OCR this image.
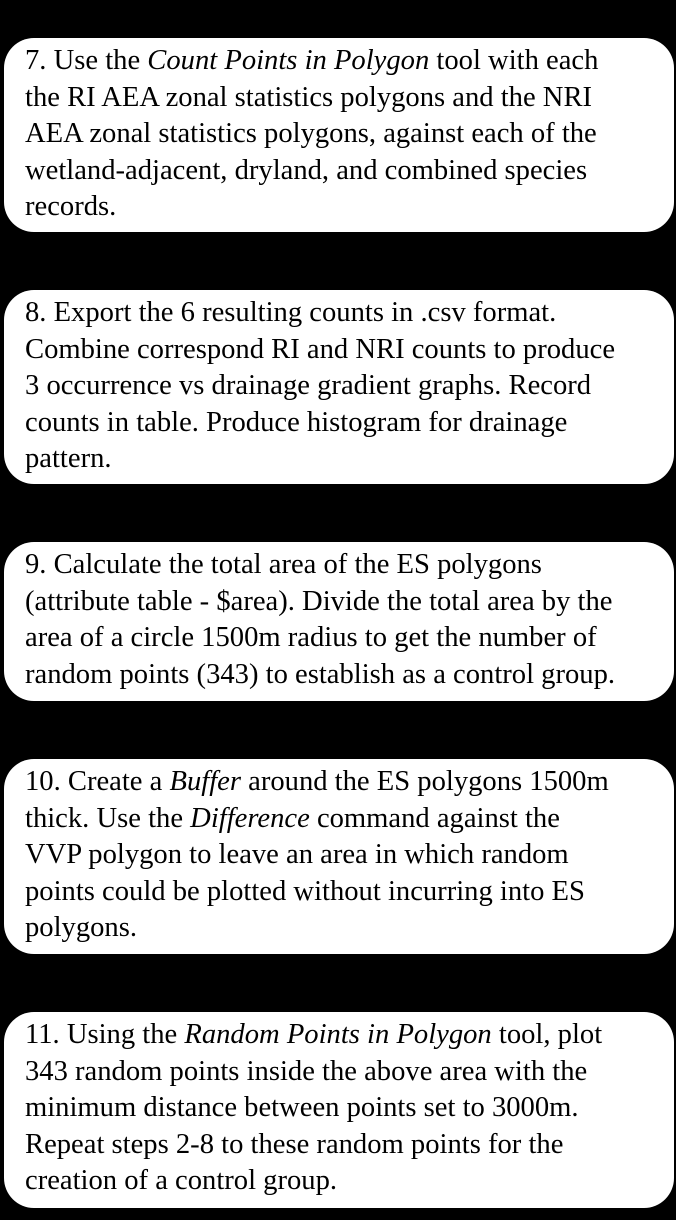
7. Use the Count Points in Polygon tool with each
the RI AEA zonal statistics polygons and the NRI
AEA zonal statistics polygons, against each of the
wetland-adjacent, dryland, and combined species
records.

8. Export the 6 resulting counts in .csv format.
Combine correspond RI and NRI counts to produce
3 occurrence vs drainage gradient graphs. Record
counts in table. Produce histogram for drainage
pattern.

9. Calculate the total area of the ES polygons
(attribute table - $area). Divide the total area by the
area of a circle 1500m radius to get the number of
random points (343) to establish as a control group.

10. Create a Buffer around the ES polygons 1500m
thick. Use the Difference command against the
VVP polygon to leave an area in which random
points could be plotted without incurring into ES
polygons.

11. Using the Random Points in Polygon tool, plot
343 random points inside the above area with the
minimum distance between points set to 3000m.
Repeat steps 2-8 to these random points for the
creation of a control group.
